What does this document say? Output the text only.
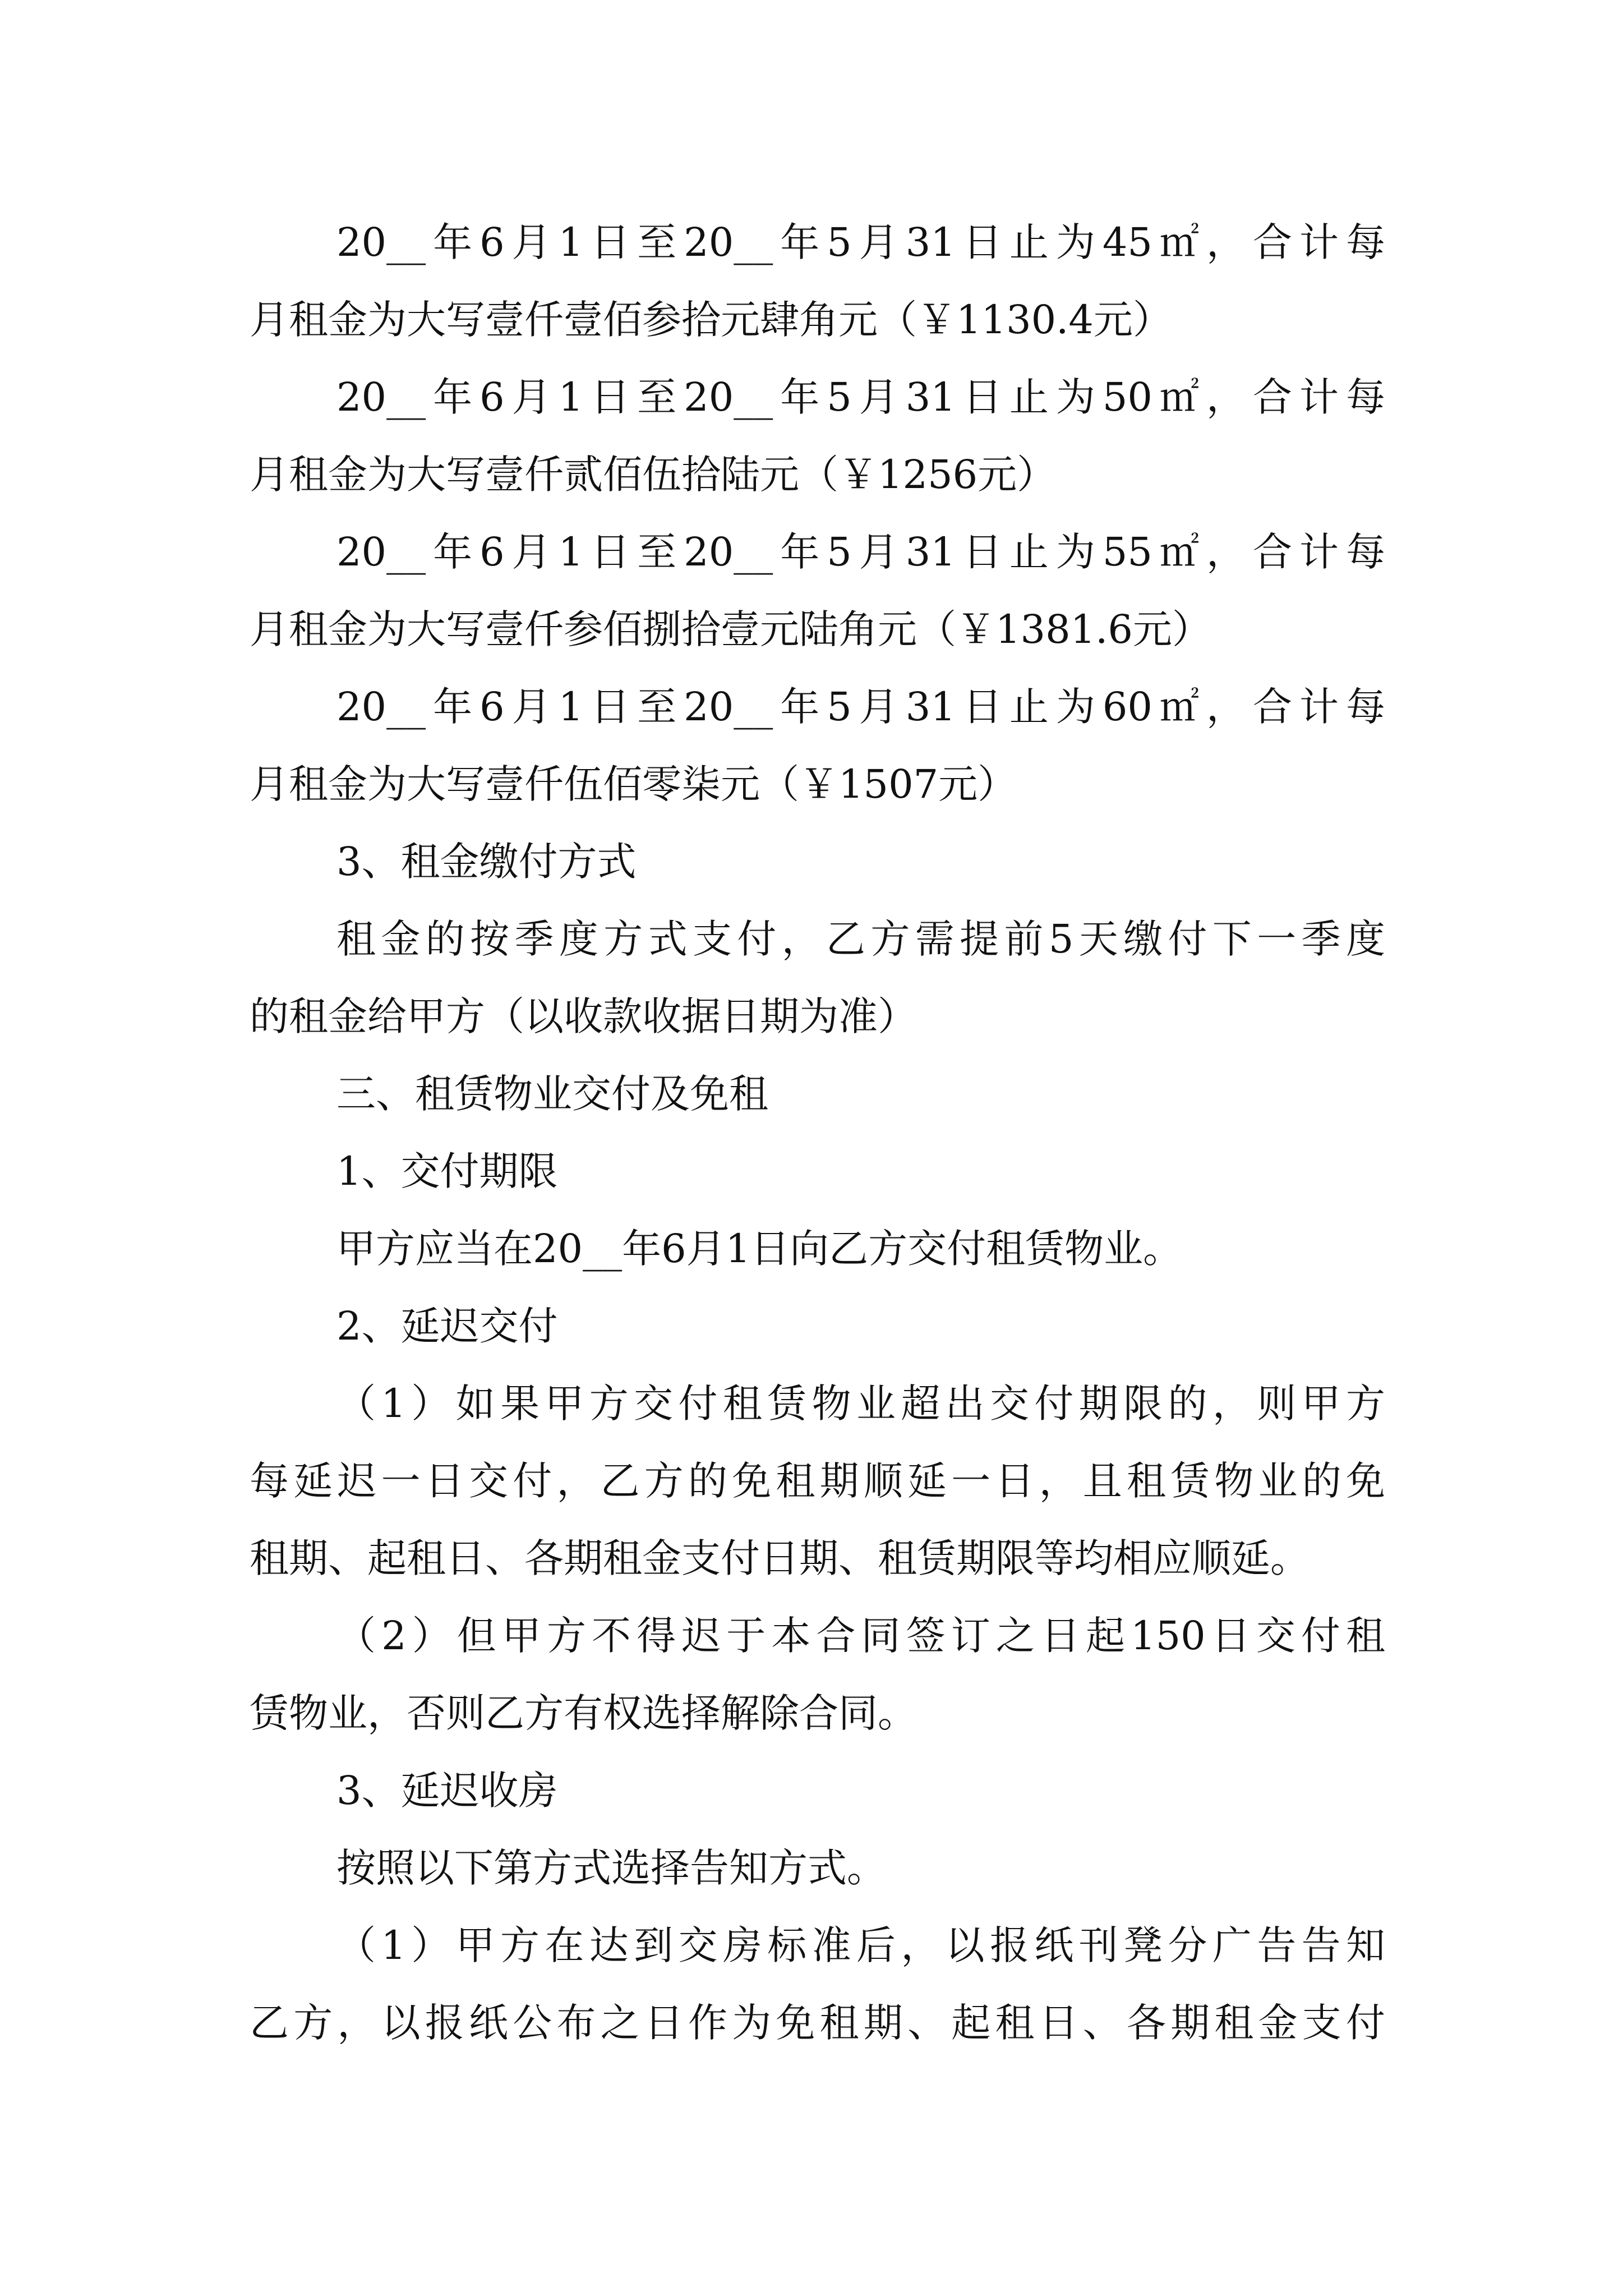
20__年6月1日至20__年5月31日止为45㎡，合计每
月租金为大写壹仟壹佰参拾元肆角元（￥1130.4元）
20__年6月1日至20__年5月31日止为50㎡，合计每
月租金为大写壹仟贰佰伍拾陆元（￥1256元）
20__年6月1日至20__年5月31日止为55㎡，合计每
月租金为大写壹仟参佰捌拾壹元陆角元（￥1381.6元）
20__年6月1日至20__年5月31日止为60㎡，合计每
月租金为大写壹仟伍佰零柒元（￥1507元）
3、租金缴付方式
租金的按季度方式支付，乙方需提前5天缴付下一季度
的租金给甲方（以收款收据日期为准）
三、租赁物业交付及免租
1、交付期限
甲方应当在20__年6月1日向乙方交付租赁物业。
2、延迟交付
（1）如果甲方交付租赁物业超出交付期限的，则甲方
每延迟一日交付，乙方的免租期顺延一日，且租赁物业的免
租期、起租日、各期租金支付日期、租赁期限等均相应顺延。
（2）但甲方不得迟于本合同签订之日起150日交付租
赁物业，否则乙方有权选择解除合同。
3、延迟收房
按照以下第方式选择告知方式。
（1）甲方在达到交房标准后，以报纸刊凳分广告告知
乙方，以报纸公布之日作为免租期、起租日、各期租金支付
